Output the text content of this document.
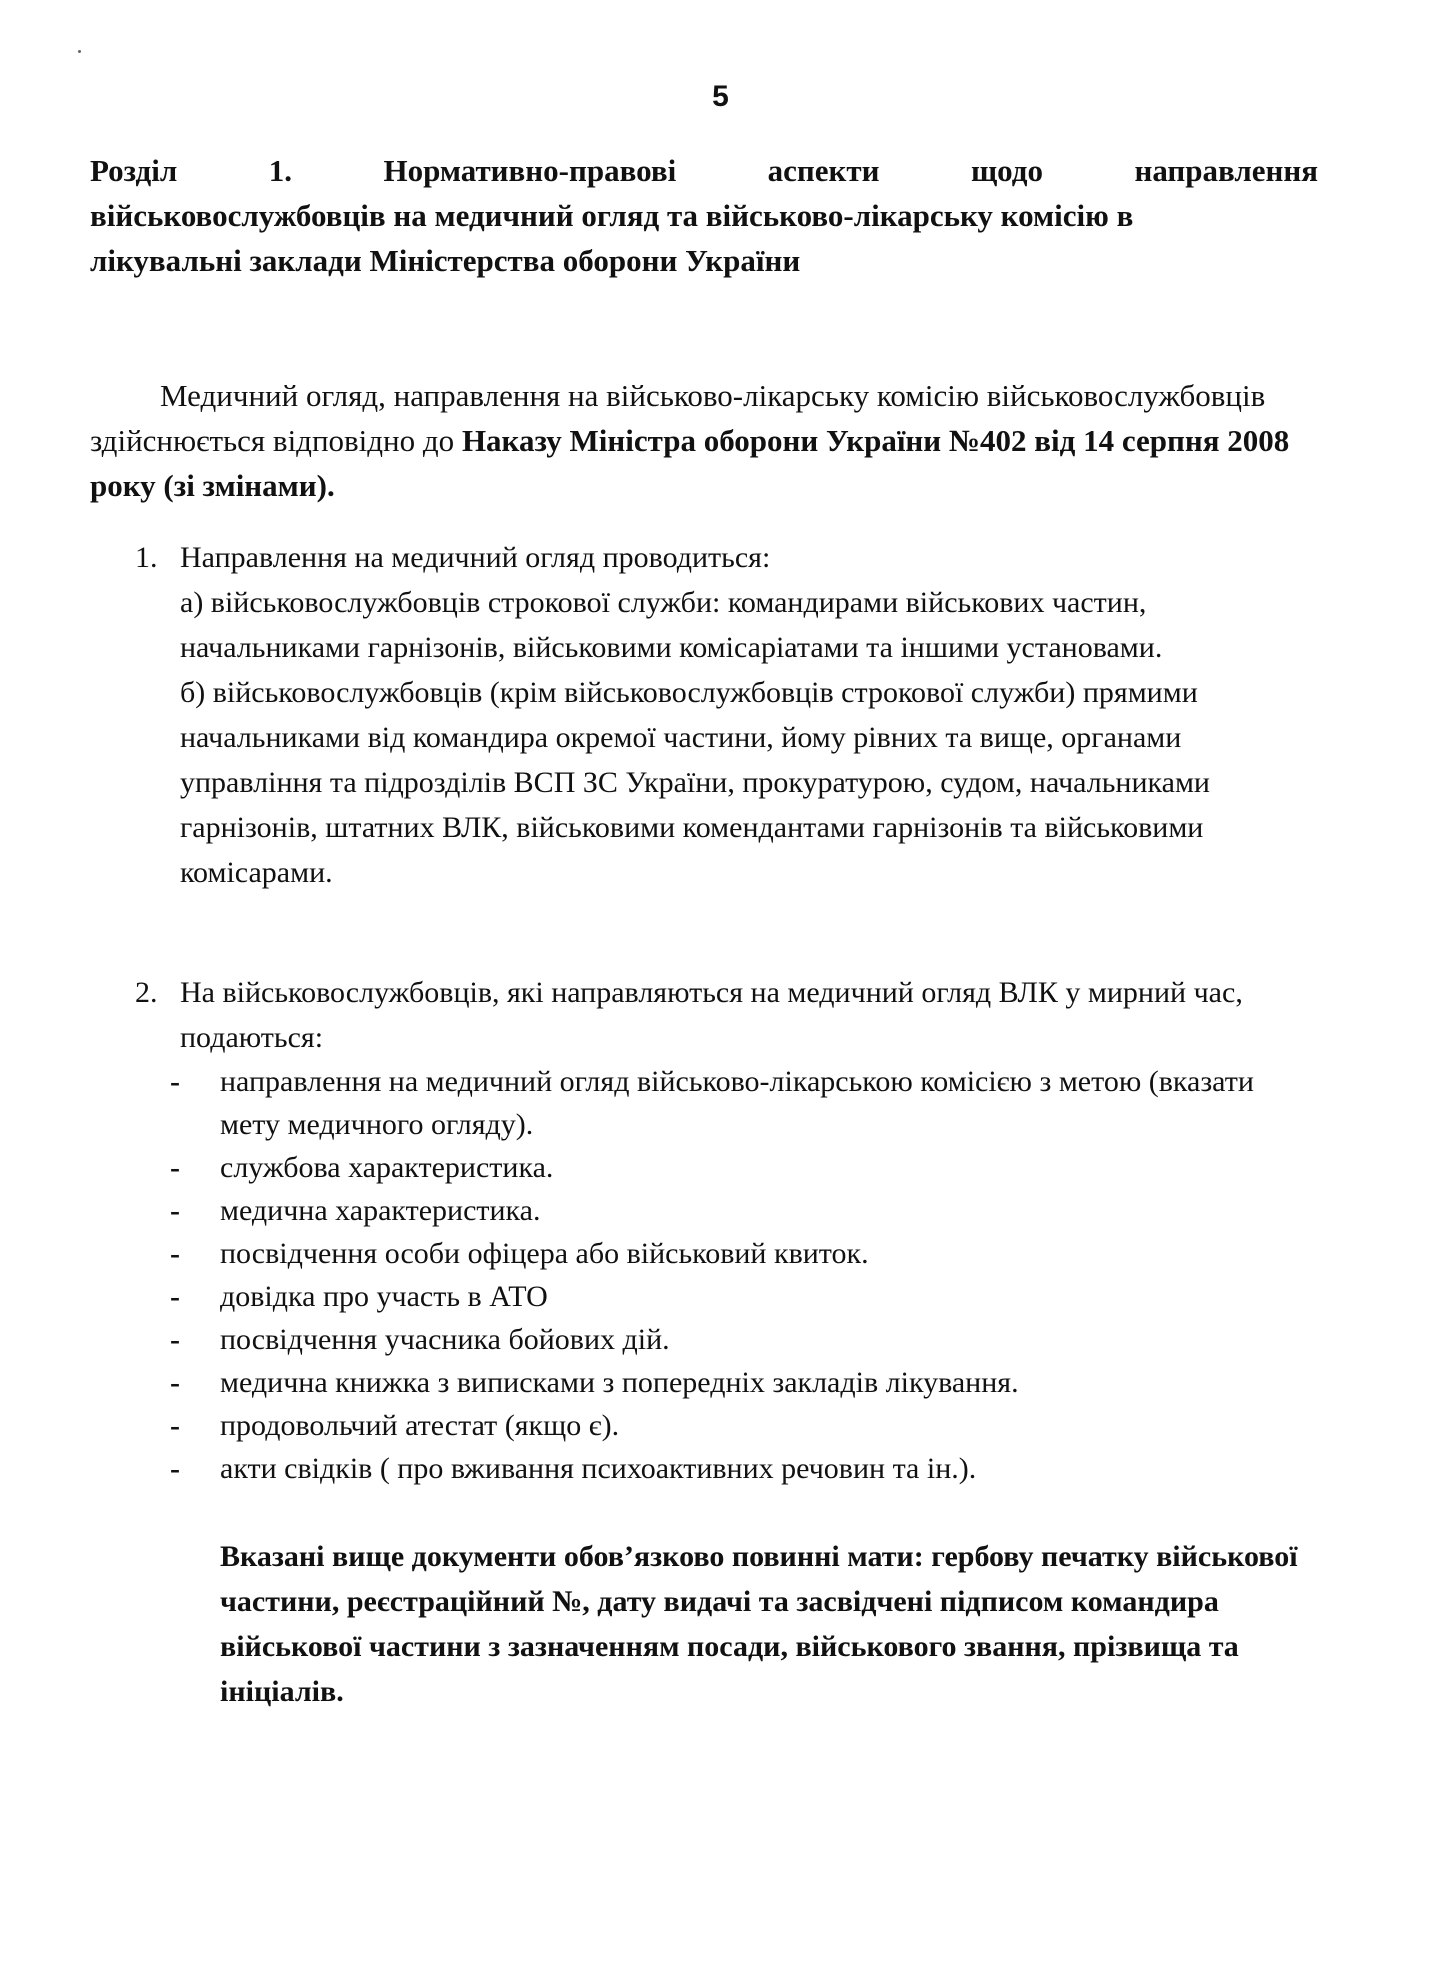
5
Розділ	1.	Нормативно-правові	аспекти	щодо	направлення
військовослужбовців на медичний огляд та військово-лікарську комісію в
лікувальні заклади Міністерства оборони України
Медичний огляд, направлення на військово-лікарську комісію військовослужбовців здійснюється відповідно до Наказу Міністра оборони України №402 від 14 серпня 2008 року (зі змінами).
1. Направлення на медичний огляд проводиться:
а) військовослужбовців строкової служби: командирами військових частин, начальниками гарнізонів, військовими комісаріатами та іншими установами.
б) військовослужбовців (крім військовослужбовців строкової служби) прямими начальниками від командира окремої частини, йому рівних та вище, органами управління та підрозділів ВСП ЗС України, прокуратурою, судом, начальниками гарнізонів, штатних ВЛК, військовими комендантами гарнізонів та військовими комісарами.
2. На військовослужбовців, які направляються на медичний огляд ВЛК у мирний час, подаються:
- направлення на медичний огляд військово-лікарською комісією з метою (вказати мету медичного огляду).
- службова характеристика.
- медична характеристика.
- посвідчення особи офіцера або військовий квиток.
- довідка про участь в АТО
- посвідчення учасника бойових дій.
- медична книжка з виписками з попередніх закладів лікування.
- продовольчий атестат (якщо є).
- акти свідків ( про вживання психоактивних речовин та ін.).
Вказані вище документи обов’язково повинні мати: гербову печатку військової частини, реєстраційний №, дату видачі та засвідчені підписом командира військової частини з зазначенням посади, військового звання, прізвища та ініціалів.
